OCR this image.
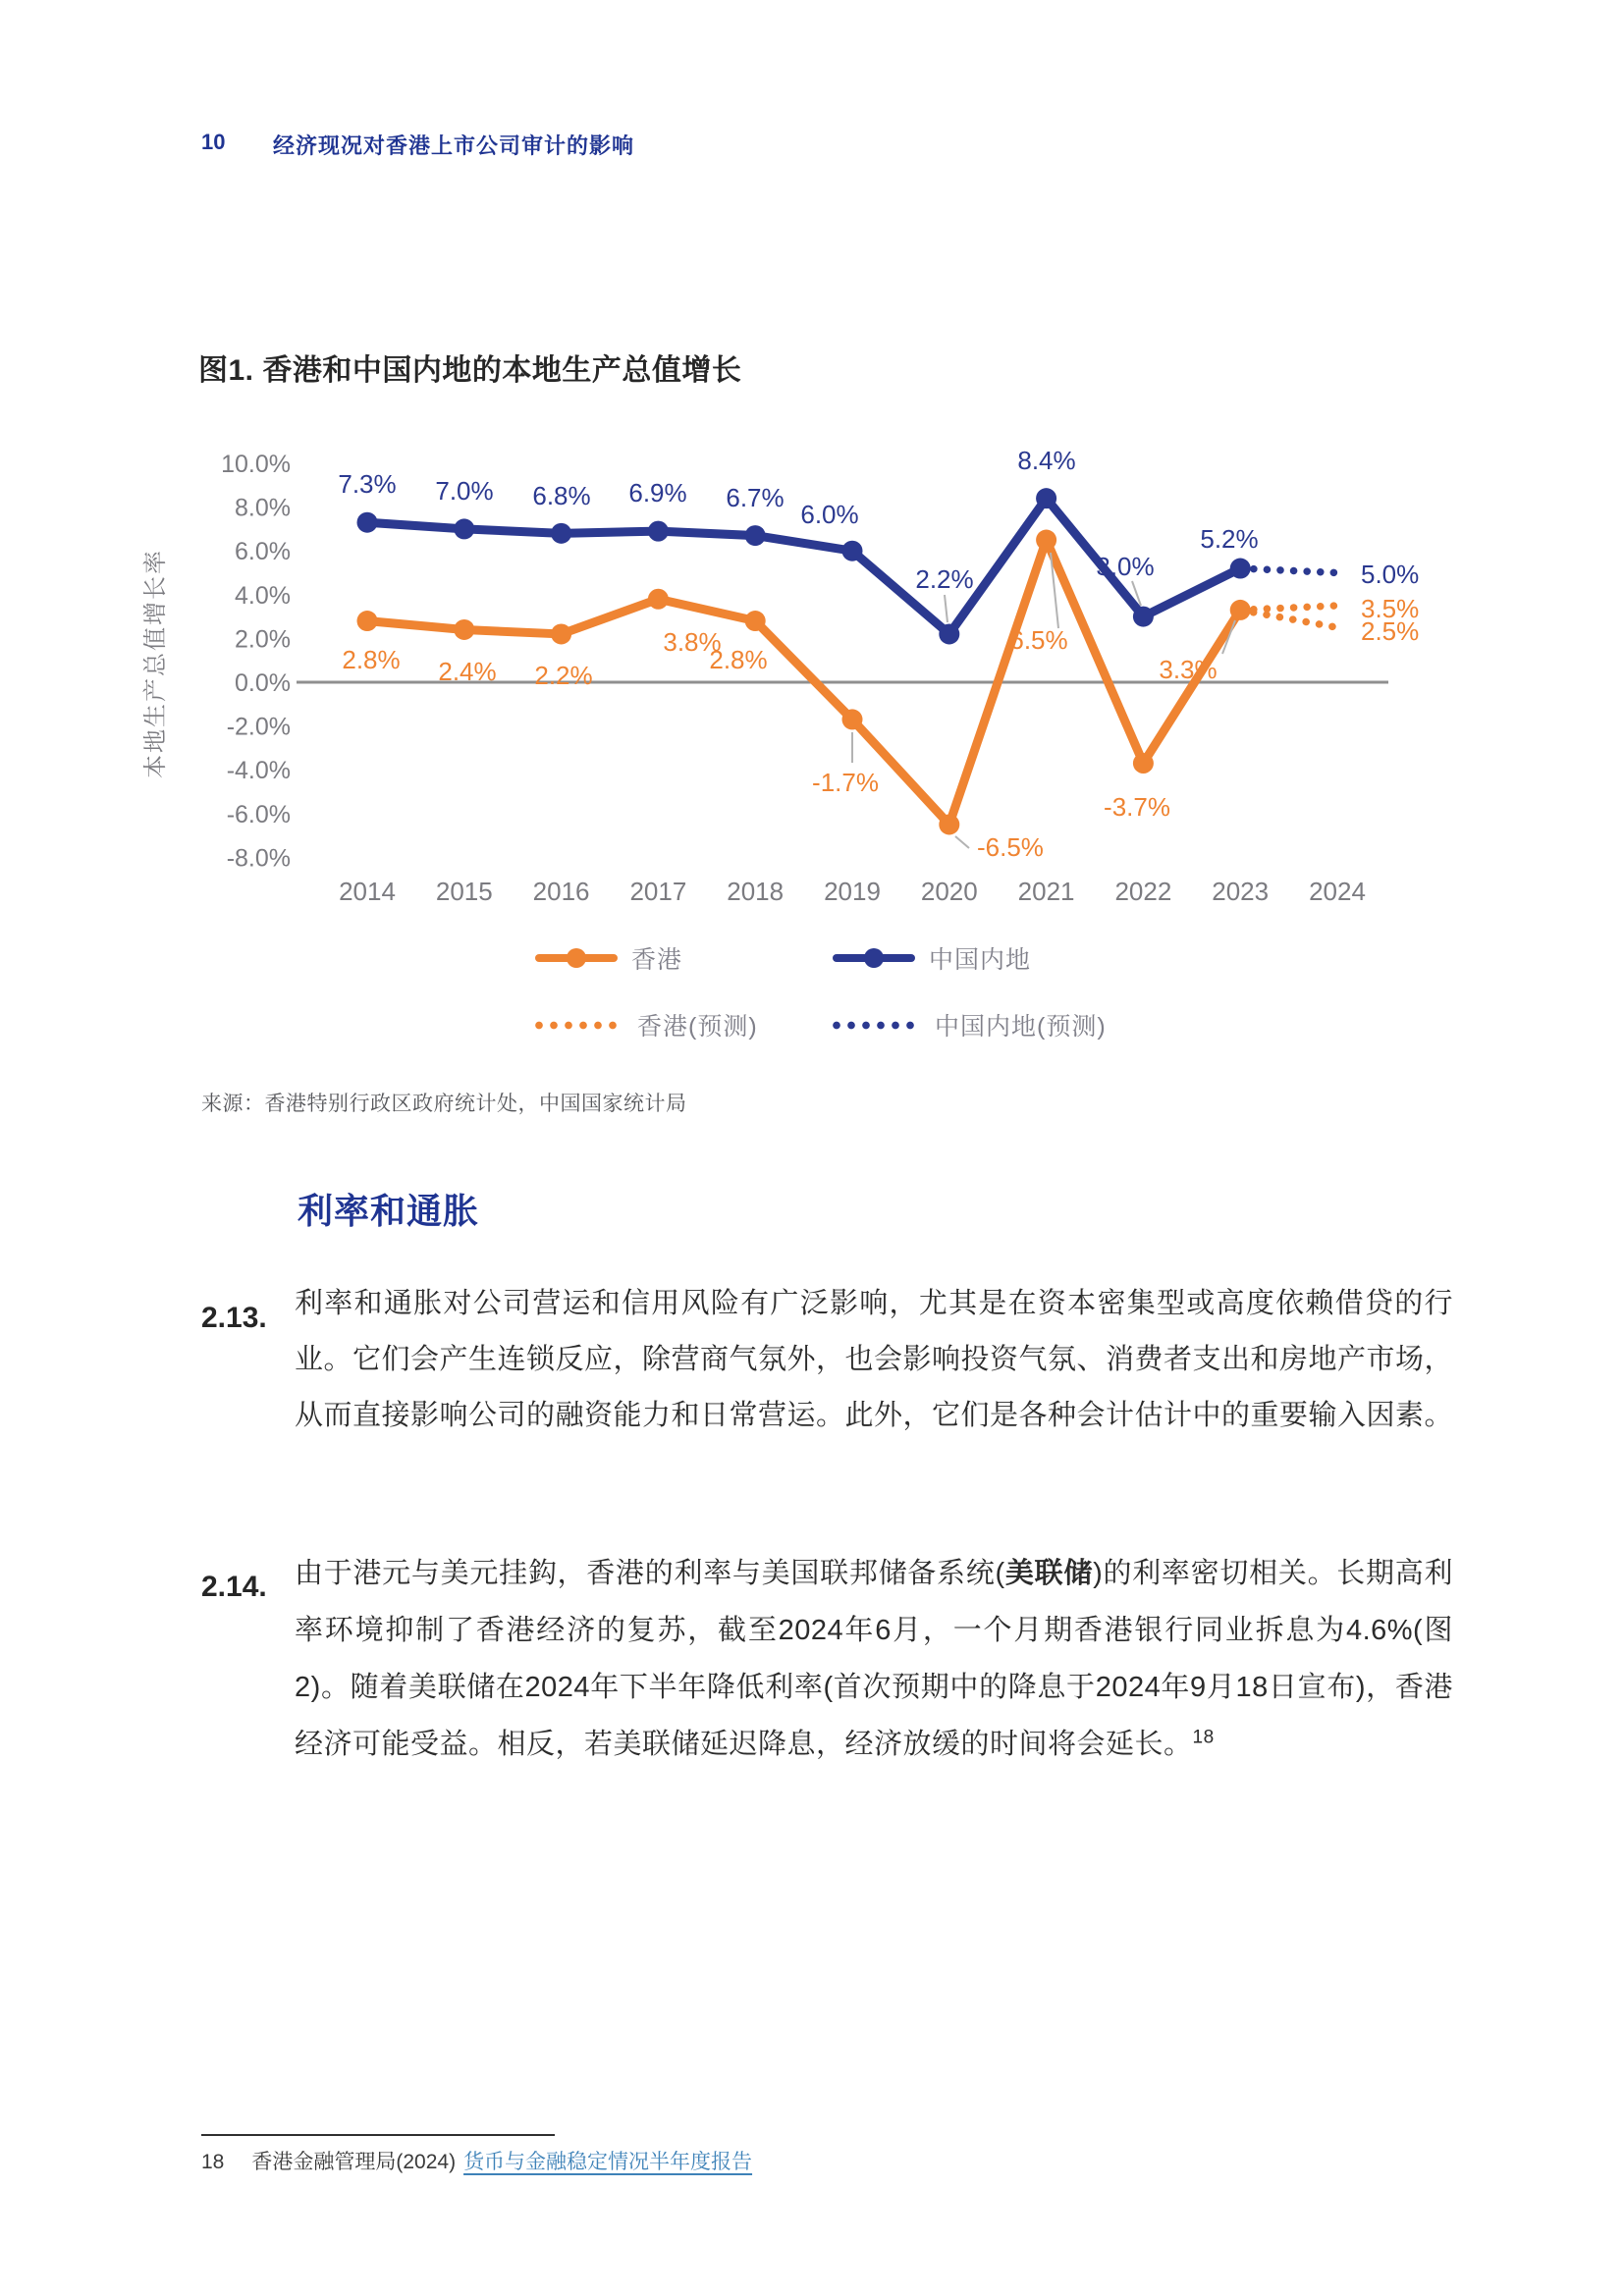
10 经济现况对香港上市公司审计的影响
图1. 香港和中国内地的本地生产总值增长
10.0%
8.0%
6.0%
4.0%
2.0%
0.0%
-2.0%
-4.0%
-6.0%
-8.0%
本地生产总值增长率
2014 2015 2016 2017 2018 2019 2020 2021 2022 2023 2024
7.3% 7.0% 6.8% 6.9% 6.7%
6.0%
2.2%
8.4%
3.0%
5.2%
2.8% 2.4% 2.2%
3.8%
2.8%
-1.7%
-6.5%
6.5%
-3.7%
3.3%
5.0%
3.5%
2.5%
香港	中国内地
香港(预测)	中国内地(预测)
来源：香港特别行政区政府统计处，中国国家统计局
利率和通胀
2.13. 利率和通胀对公司营运和信用风险有广泛影响，尤其是在资本密集型或高度依赖借贷的行业。它们会产生连锁反应，除营商气氛外，也会影响投资气氛、消费者支出和房地产市场，从而直接影响公司的融资能力和日常营运。此外，它们是各种会计估计中的重要输入因素。
2.14. 由于港元与美元挂鈎，香港的利率与美国联邦储备系统(美联储)的利率密切相关。长期高利率环境抑制了香港经济的复苏，截至2024年6月，一个月期香港银行同业拆息为4.6%(图2)。随着美联储在2024年下半年降低利率(首次预期中的降息于2024年9月18日宣布)，香港经济可能受益。相反，若美联储延迟降息，经济放缓的时间将会延长。$^{18}$
18 香港金融管理局(2024) 货币与金融稳定情况半年度报告
